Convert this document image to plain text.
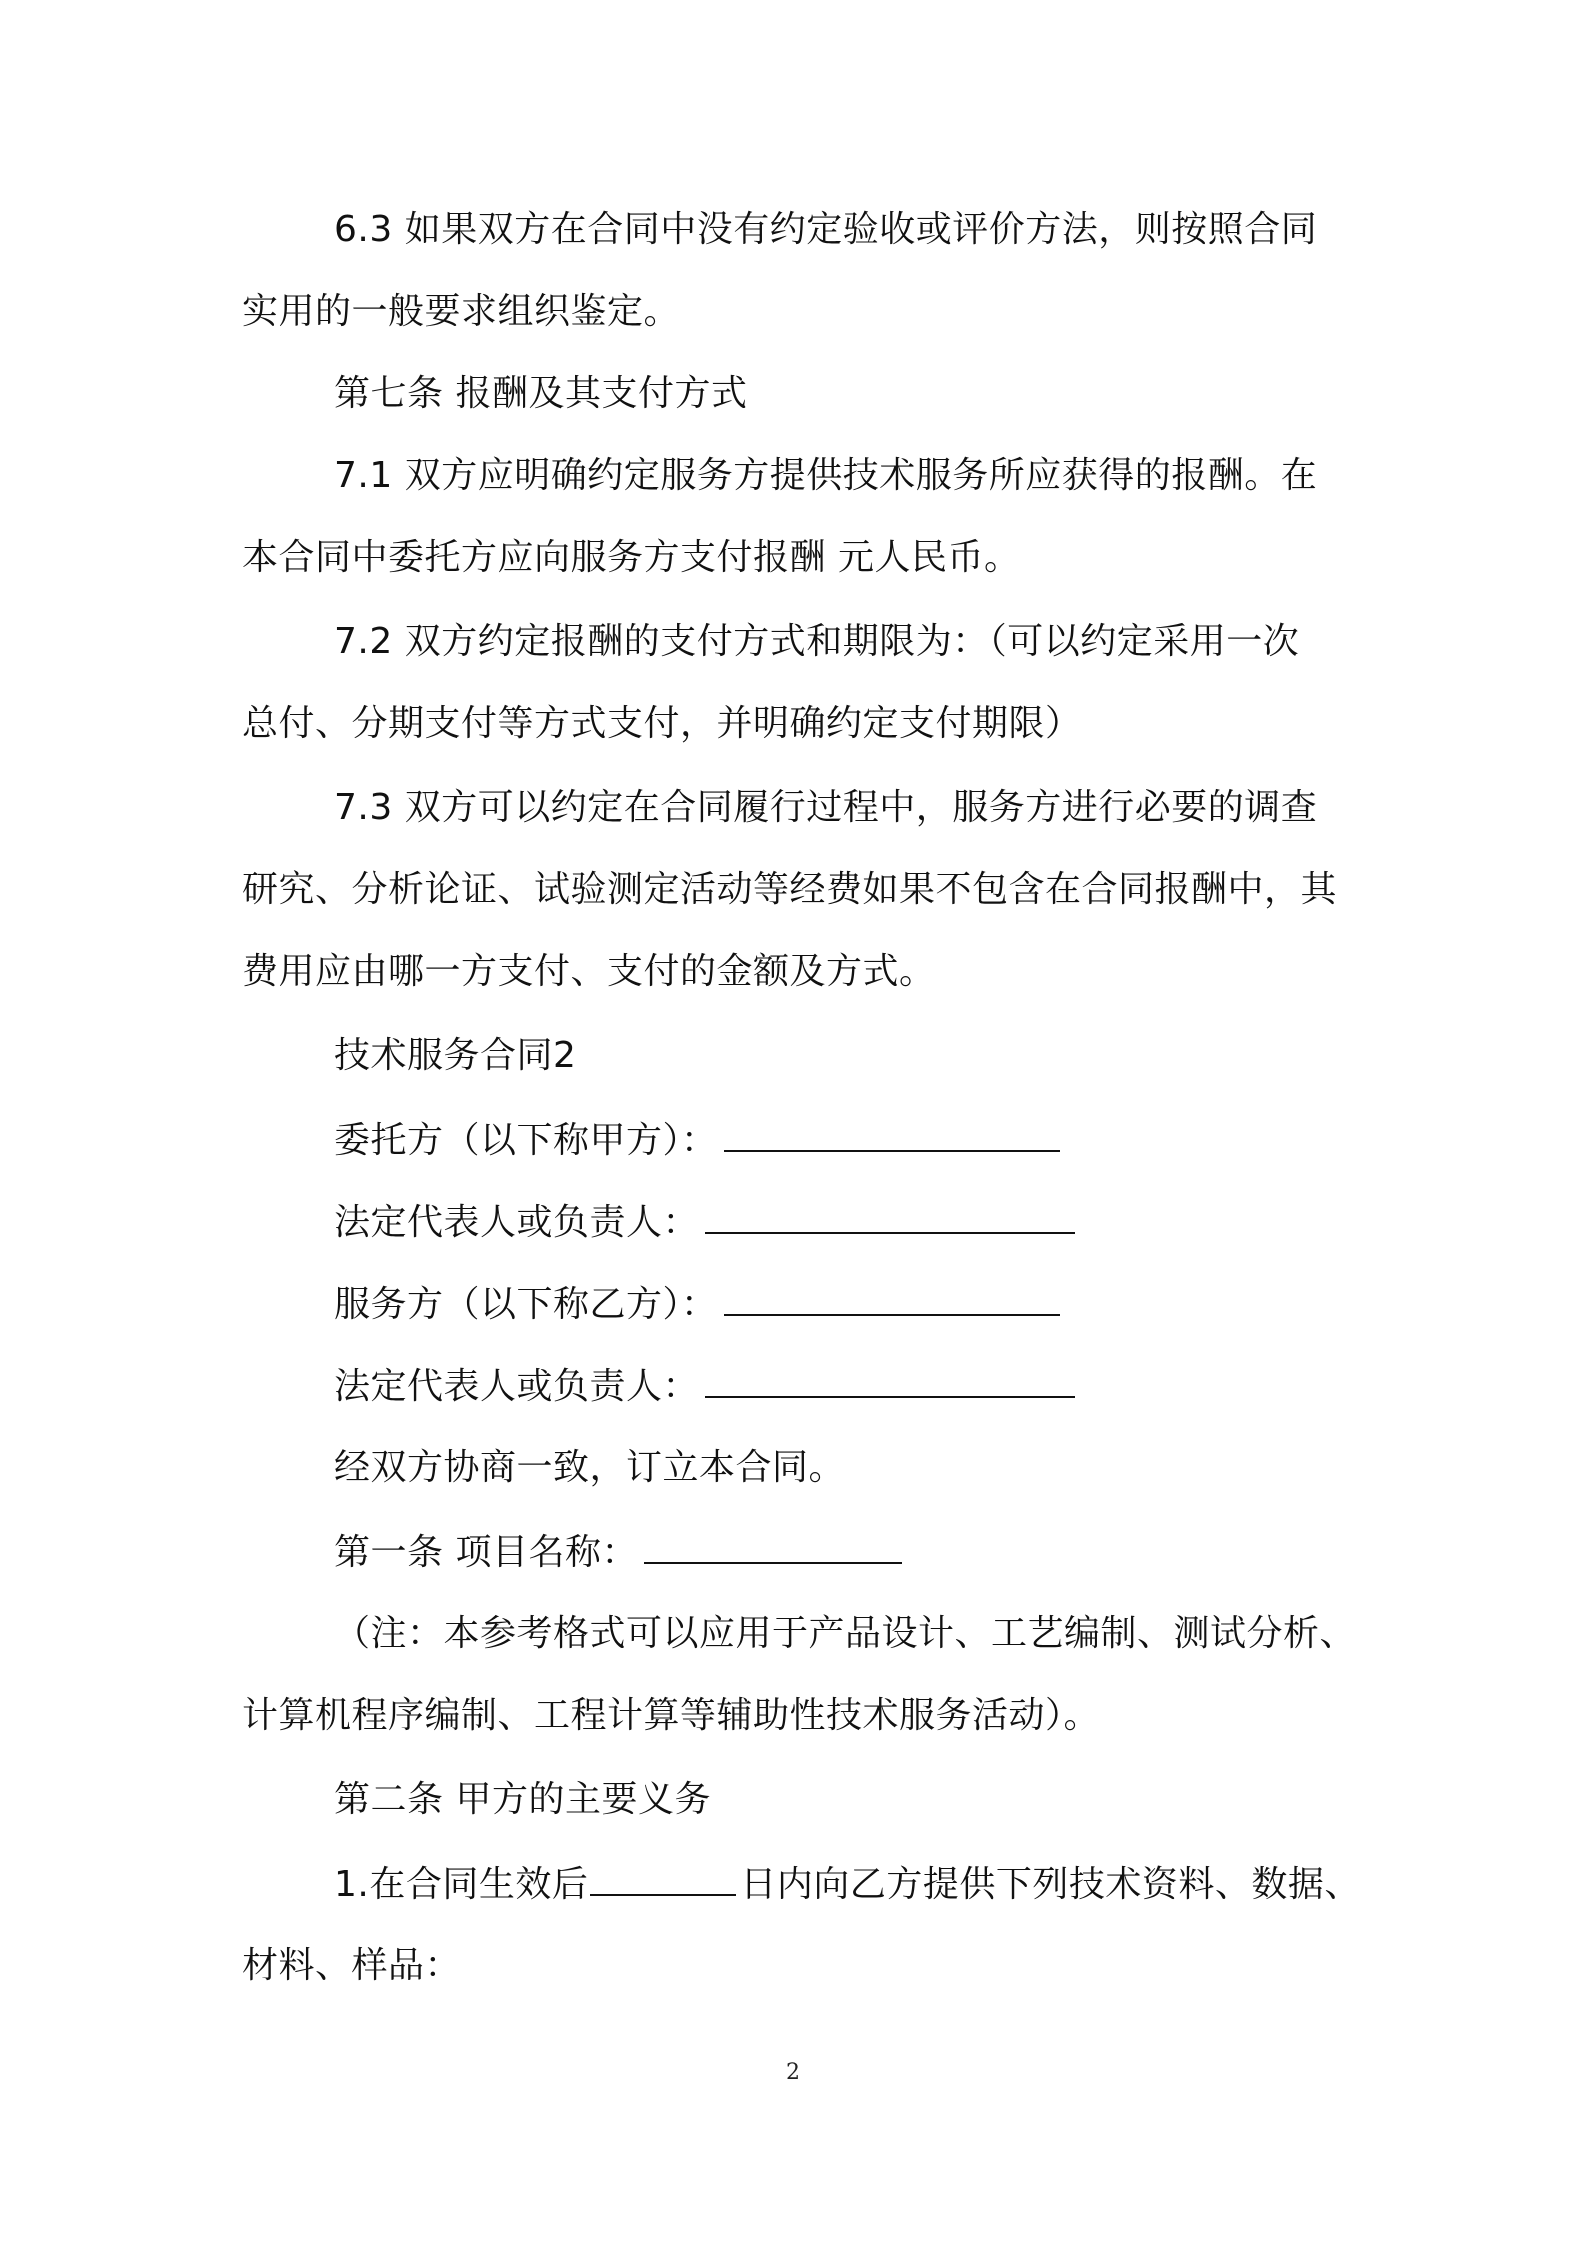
6.3 如果双方在合同中没有约定验收或评价方法，则按照合同
实用的一般要求组织鉴定。
第七条 报酬及其支付方式
7.1 双方应明确约定服务方提供技术服务所应获得的报酬。在
本合同中委托方应向服务方支付报酬 元人民币。
7.2 双方约定报酬的支付方式和期限为：（可以约定采用一次
总付、分期支付等方式支付，并明确约定支付期限）
7.3 双方可以约定在合同履行过程中，服务方进行必要的调查
研究、分析论证、试验测定活动等经费如果不包含在合同报酬中，其
费用应由哪一方支付、支付的金额及方式。
技术服务合同2
委托方（以下称甲方）：
法定代表人或负责人：
服务方（以下称乙方）：
法定代表人或负责人：
经双方协商一致，订立本合同。
第一条 项目名称：
（注：本参考格式可以应用于产品设计、工艺编制、测试分析、
计算机程序编制、工程计算等辅助性技术服务活动）。
第二条 甲方的主要义务
1.在合同生效后	日内向乙方提供下列技术资料、数据、
材料、样品：
2
